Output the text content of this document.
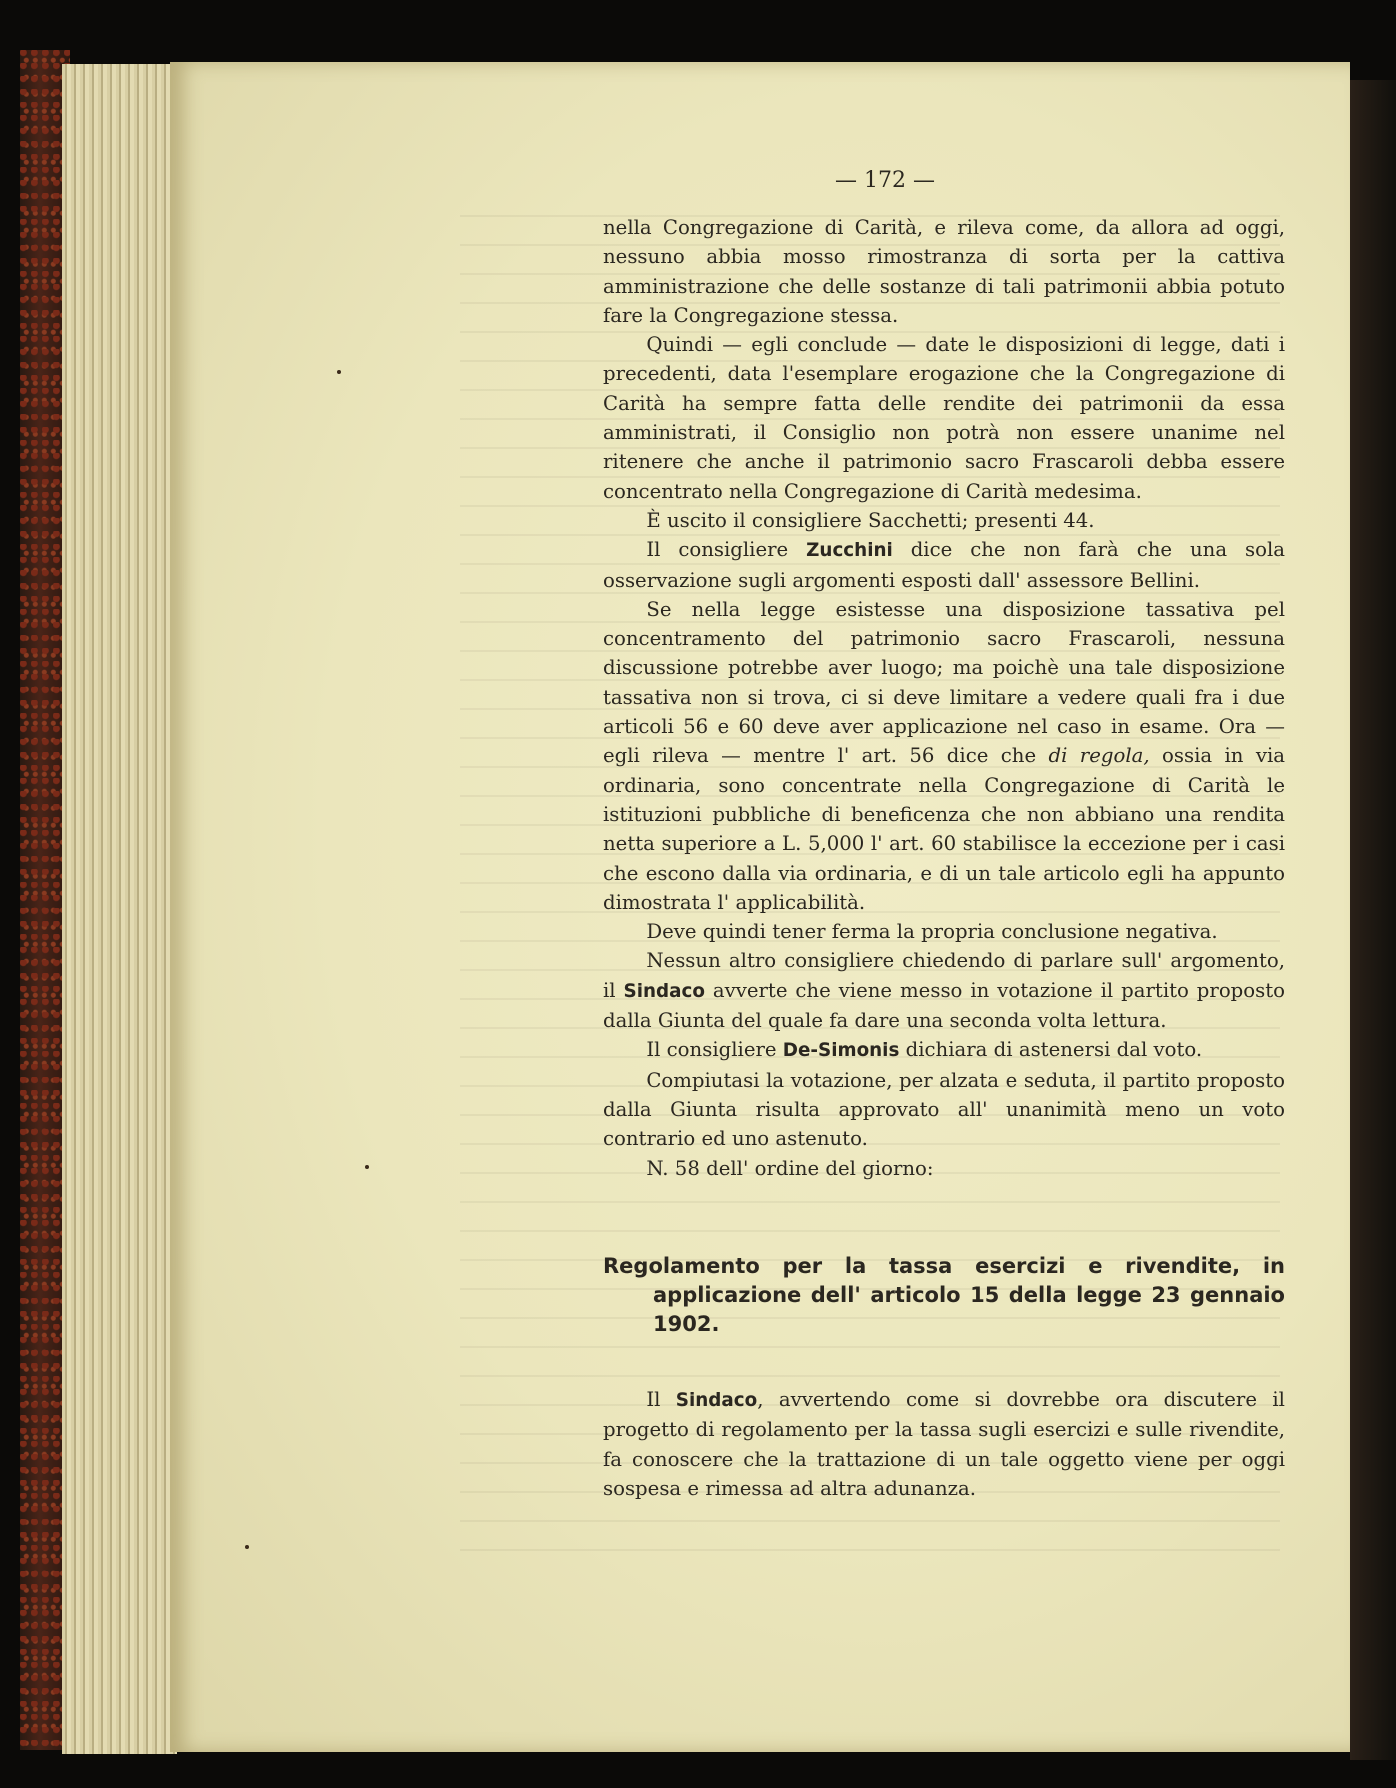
— 172 —

nella Congregazione di Carità, e rileva come, da allora ad oggi, nessuno abbia mosso rimostranza di sorta per la cattiva amministrazione che delle sostanze di tali patrimonii abbia potuto fare la Congregazione stessa.

Quindi — egli conclude — date le disposizioni di legge, dati i precedenti, data l'esemplare erogazione che la Congregazione di Carità ha sempre fatta delle rendite dei patrimonii da essa amministrati, il Consiglio non potrà non essere unanime nel ritenere che anche il patrimonio sacro Frascaroli debba essere concentrato nella Congregazione di Carità medesima.

È uscito il consigliere Sacchetti; presenti 44.

Il consigliere Zucchini dice che non farà che una sola osservazione sugli argomenti esposti dall' assessore Bellini.

Se nella legge esistesse una disposizione tassativa pel concentramento del patrimonio sacro Frascaroli, nessuna discussione potrebbe aver luogo; ma poichè una tale disposizione tassativa non si trova, ci si deve limitare a vedere quali fra i due articoli 56 e 60 deve aver applicazione nel caso in esame. Ora — egli rileva — mentre l' art. 56 dice che di regola, ossia in via ordinaria, sono concentrate nella Congregazione di Carità le istituzioni pubbliche di beneficenza che non abbiano una rendita netta superiore a L. 5,000 l' art. 60 stabilisce la eccezione per i casi che escono dalla via ordinaria, e di un tale articolo egli ha appunto dimostrata l' applicabilità.

Deve quindi tener ferma la propria conclusione negativa.

Nessun altro consigliere chiedendo di parlare sull' argomento, il Sindaco avverte che viene messo in votazione il partito proposto dalla Giunta del quale fa dare una seconda volta lettura.

Il consigliere De-Simonis dichiara di astenersi dal voto.

Compiutasi la votazione, per alzata e seduta, il partito proposto dalla Giunta risulta approvato all' unanimità meno un voto contrario ed uno astenuto.

N. 58 dell' ordine del giorno:

Regolamento per la tassa esercizi e rivendite, in applicazione dell' articolo 15 della legge 23 gennaio 1902.

Il Sindaco, avvertendo come si dovrebbe ora discutere il progetto di regolamento per la tassa sugli esercizi e sulle rivendite, fa conoscere che la trattazione di un tale oggetto viene per oggi sospesa e rimessa ad altra adunanza.
